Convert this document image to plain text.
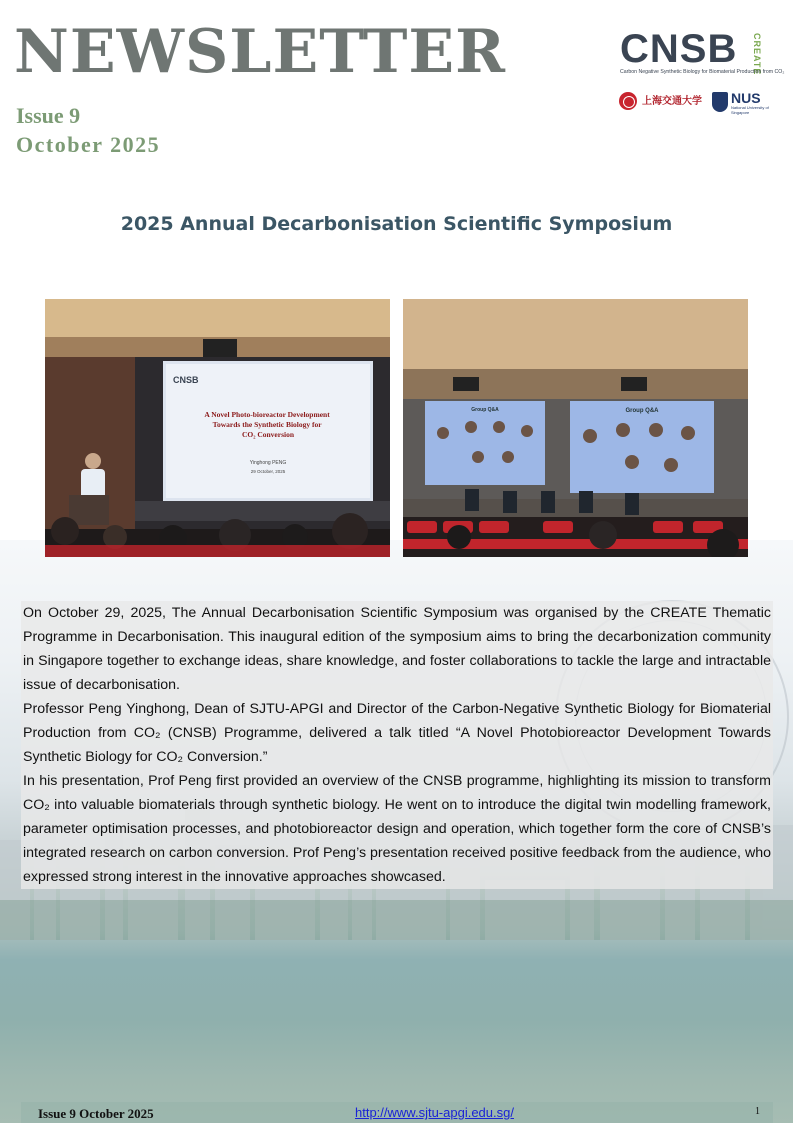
NEWSLETTER
Issue 9
October 2025
CNSB CREATE
Carbon Negative Synthetic Biology for Biomaterial Production from CO₂
上海交通大学 NUS
National University of Singapore
2025 Annual Decarbonisation Scientific Symposium
CNSB
A Novel Photo-bioreactor Development Towards the Synthetic Biology for CO₂ Conversion
Yinghong PENG
29 October, 2025
Group Q&A	Group Q&A

On October 29, 2025, The Annual Decarbonisation Scientific Symposium was organised by the CREATE Thematic Programme in Decarbonisation. This inaugural edition of the symposium aims to bring the decarbonization community in Singapore together to exchange ideas, share knowledge, and foster collaborations to tackle the large and intractable issue of decarbonisation.

Professor Peng Yinghong, Dean of SJTU-APGI and Director of the Carbon-Negative Synthetic Biology for Biomaterial Production from CO₂ (CNSB) Programme, delivered a talk titled “A Novel Photobioreactor Development Towards Synthetic Biology for CO₂ Conversion.”

In his presentation, Prof Peng first provided an overview of the CNSB programme, highlighting its mission to transform CO₂ into valuable biomaterials through synthetic biology. He went on to introduce the digital twin modelling framework, parameter optimisation processes, and photobioreactor design and operation, which together form the core of CNSB’s integrated research on carbon conversion. Prof Peng’s presentation received positive feedback from the audience, who expressed strong interest in the innovative approaches showcased.

Issue 9 October 2025	http://www.sjtu-apgi.edu.sg/	1
